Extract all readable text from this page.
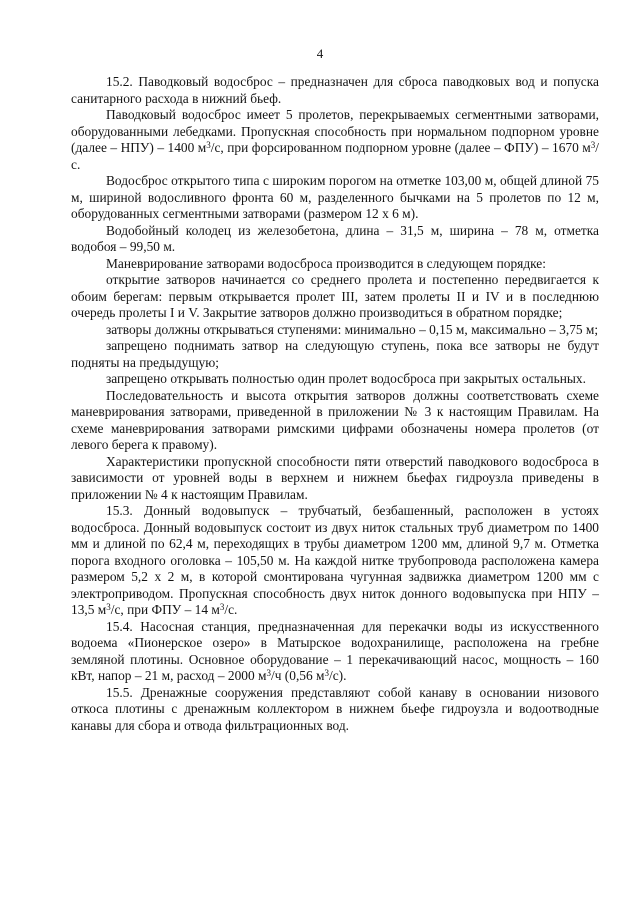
4

15.2. Паводковый водосброс – предназначен для сброса паводковых вод и попуска санитарного расхода в нижний бьеф.

Паводковый водосброс имеет 5 пролетов, перекрываемых сегментными затворами, оборудованными лебедками. Пропускная способность при нормальном подпорном уровне (далее – НПУ) – 1400 $м^3/с$, при форсированном подпорном уровне (далее – ФПУ) – 1670 $м^3/с$.

Водосброс открытого типа с широким порогом на отметке 103,00 м, общей длиной 75 м, шириной водосливного фронта 60 м, разделенного бычками на 5 пролетов по 12 м, оборудованных сегментными затворами (размером 12 х 6 м).

Водобойный колодец из железобетона, длина – 31,5 м, ширина – 78 м, отметка водобоя – 99,50 м.

Маневрирование затворами водосброса производится в следующем порядке:

открытие затворов начинается со среднего пролета и постепенно передвигается к обоим берегам: первым открывается пролет III, затем пролеты II и IV и в последнюю очередь пролеты I и V. Закрытие затворов должно производиться в обратном порядке;

затворы должны открываться ступенями: минимально – 0,15 м, максимально – 3,75 м;

запрещено поднимать затвор на следующую ступень, пока все затворы не будут подняты на предыдущую;

запрещено открывать полностью один пролет водосброса при закрытых остальных.

Последовательность и высота открытия затворов должны соответствовать схеме маневрирования затворами, приведенной в приложении № 3 к настоящим Правилам. На схеме маневрирования затворами римскими цифрами обозначены номера пролетов (от левого берега к правому).

Характеристики пропускной способности пяти отверстий паводкового водосброса в зависимости от уровней воды в верхнем и нижнем бьефах гидроузла приведены в приложении № 4 к настоящим Правилам.

15.3. Донный водовыпуск – трубчатый, безбашенный, расположен в устоях водосброса. Донный водовыпуск состоит из двух ниток стальных труб диаметром по 1400 мм и длиной по 62,4 м, переходящих в трубы диаметром 1200 мм, длиной 9,7 м. Отметка порога входного оголовка – 105,50 м. На каждой нитке трубопровода расположена камера размером 5,2 х 2 м, в которой смонтирована чугунная задвижка диаметром 1200 мм с электроприводом. Пропускная способность двух ниток донного водовыпуска при НПУ – 13,5 $м^3/с$, при ФПУ – 14 $м^3/с$.

15.4. Насосная станция, предназначенная для перекачки воды из искусственного водоема «Пионерское озеро» в Матырское водохранилище, расположена на гребне земляной плотины. Основное оборудование – 1 перекачивающий насос, мощность – 160 кВт, напор – 21 м, расход – 2000 $м^3/ч$ (0,56 $м^3/с$).

15.5. Дренажные сооружения представляют собой канаву в основании низового откоса плотины с дренажным коллектором в нижнем бьефе гидроузла и водоотводные канавы для сбора и отвода фильтрационных вод.
